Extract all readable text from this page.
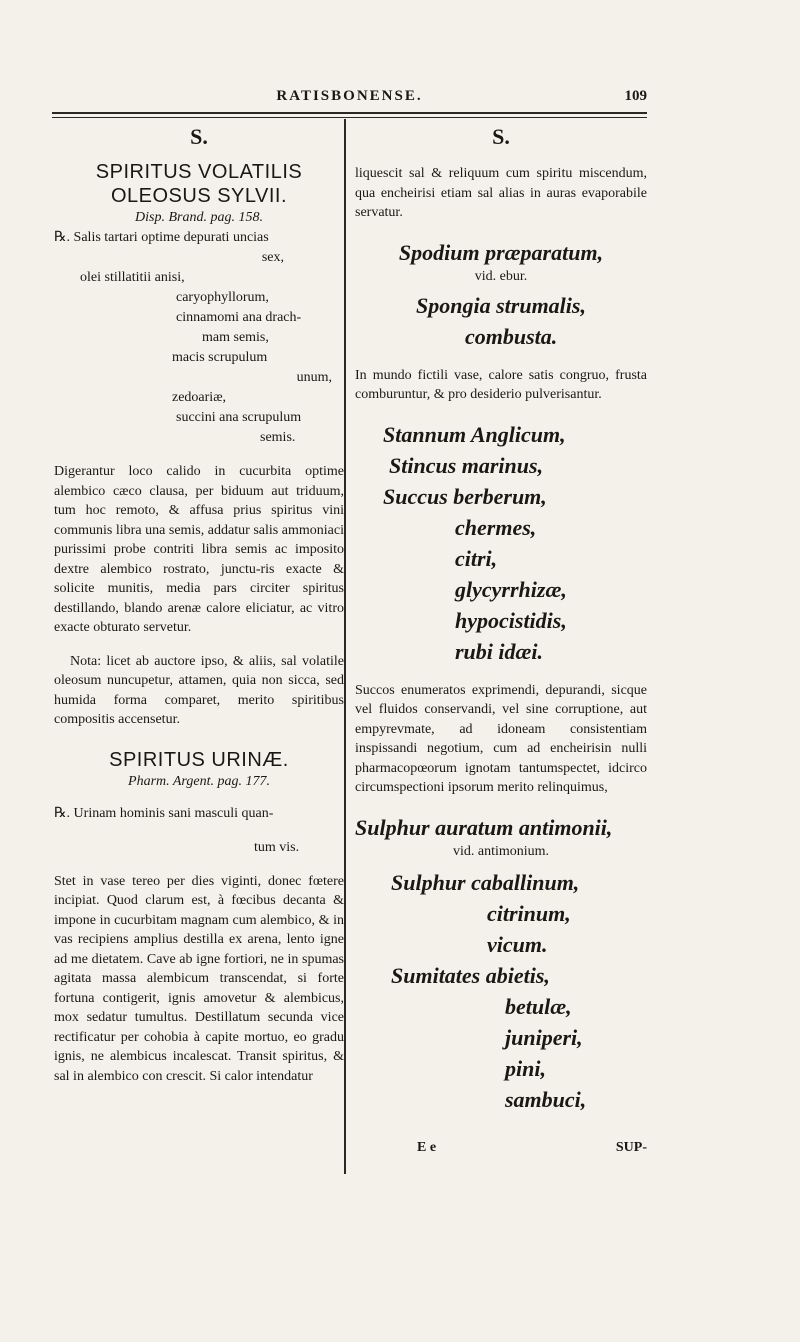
RATISBONENSE.	109
S.
SPIRITUS VOLATILIS
OLEOSUS SYLVII.
Disp. Brand. pag. 158.

℞. Salis tartari optime depurati uncias

sex,

olei stillatitii anisi,

caryophyllorum,

cinnamomi ana drach-

mam semis,

macis scrupulum

unum,

zedoariæ,

succini ana scrupulum

semis.

Digerantur loco calido in cucurbita optime alembico cæco clausa, per biduum aut triduum, tum hoc remoto, & affusa prius spiritus vini communis libra una semis, addatur salis ammoniaci purissimi probe contriti libra semis ac imposito dextre alembico rostrato, junctu-ris exacte & solicite munitis, media pars circiter spiritus destillando, blando arenæ calore eliciatur, ac vitro exacte obturato servetur.

Nota: licet ab auctore ipso, & aliis, sal volatile oleosum nuncupetur, attamen, quia non sicca, sed humida forma comparet, merito spiritibus compositis accensetur.

SPIRITUS URINÆ.
Pharm. Argent. pag. 177.

℞. Urinam hominis sani masculi quan-

tum vis.

Stet in vase tereo per dies viginti, donec fœtere incipiat. Quod clarum est, à fœcibus decanta & impone in cucurbitam magnam cum alembico, & in vas recipiens amplius destilla ex arena, lento igne ad me dietatem. Cave ab igne fortiori, ne in spumas agitata massa alembicum transcendat, si forte fortuna contigerit, ignis amovetur & alembicus, mox sedatur tumultus. Destillatum secunda vice rectificatur per cohobia à capite mortuo, eo gradu ignis, ne alembicus incalescat. Transit spiritus, & sal in alembico con crescit. Si calor intendatur

S.

liquescit sal & reliquum cum spiritu miscendum, qua encheirisi etiam sal alias in auras evaporabile servatur.

Spodium præparatum,
vid. ebur.
Spongia strumalis,
combusta.

In mundo fictili vase, calore satis congruo, frusta comburuntur, & pro desiderio pulverisantur.

Stannum Anglicum,
Stincus marinus,
Succus berberum,
chermes,
citri,
glycyrrhizæ,
hypocistidis,
rubi idæi.

Succos enumeratos exprimendi, depurandi, sicque vel fluidos conservandi, vel sine corruptione, aut empyrevmate, ad idoneam consistentiam inspissandi negotium, cum ad encheirisin nulli pharmacopœorum ignotam tantumspectet, idcirco circumspectioni ipsorum merito relinquimus,

Sulphur auratum antimonii,
vid. antimonium.
Sulphur caballinum,
citrinum,
vicum.
Sumitates abietis,
betulæ,
juniperi,
pini,
sambuci,
E e	SUP-
